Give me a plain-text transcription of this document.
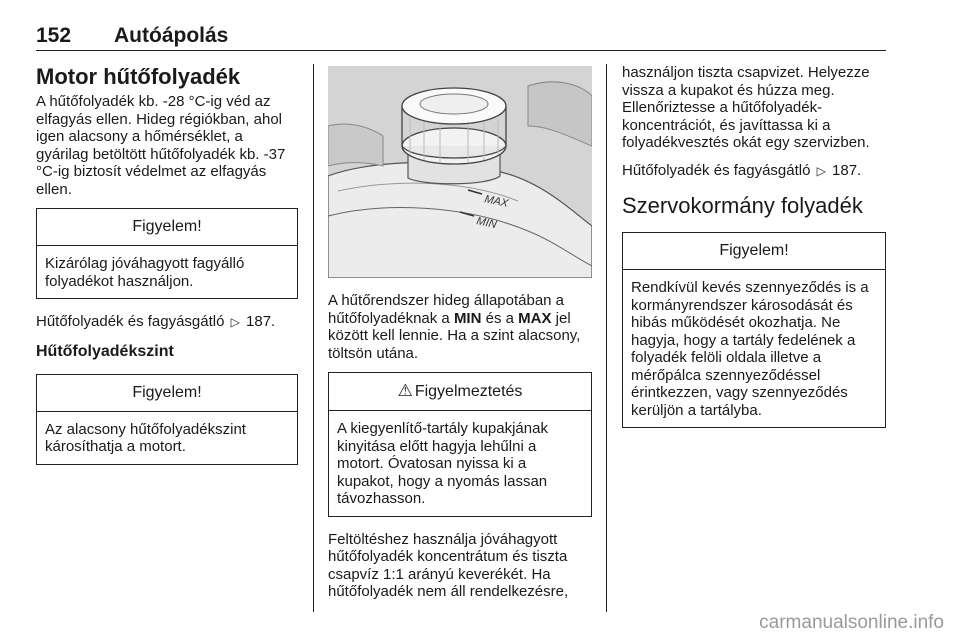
152 Autóápolás
Motor hűtőfolyadék

A hűtőfolyadék kb. -28 °C-ig véd az elfagyás ellen. Hideg régiókban, ahol igen alacsony a hőmérséklet, a gyárilag betöltött hűtőfolyadék kb. -37 °C-ig biztosít védelmet az elfagyás ellen.

Figyelem!
Kizárólag jóváhagyott fagyálló folyadékot használjon.

Hűtőfolyadék és fagyásgátló ▷ 187.

Hűtőfolyadékszint
Figyelem!
Az alacsony hűtőfolyadékszint károsíthatja a motort.
MAX
MIN

A hűtőrendszer hideg állapotában a hűtőfolyadéknak a MIN és a MAX jel között kell lennie. Ha a szint alacsony, töltsön utána.

⚠ Figyelmeztetés
A kiegyenlítő-tartály kupakjának kinyitása előtt hagyja lehűlni a motort. Óvatosan nyissa ki a kupakot, hogy a nyomás lassan távozhasson.

Feltöltéshez használja jóváhagyott hűtőfolyadék koncentrátum és tiszta csapvíz 1:1 arányú keverékét. Ha hűtőfolyadék nem áll rendelkezésre,

használjon tiszta csapvizet. Helyezze vissza a kupakot és húzza meg. Ellenőriztesse a hűtőfolyadék-koncentrációt, és javíttassa ki a folyadékvesztés okát egy szervizben.

Hűtőfolyadék és fagyásgátló ▷ 187.

Szervokormány folyadék
Figyelem!
Rendkívül kevés szennyeződés is a kormányrendszer károsodását és hibás működését okozhatja. Ne hagyja, hogy a tartály fedelének a folyadék felöli oldala illetve a mérőpálca szennyeződéssel érintkezzen, vagy szennyeződés kerüljön a tartályba.
carmanualsonline.info
